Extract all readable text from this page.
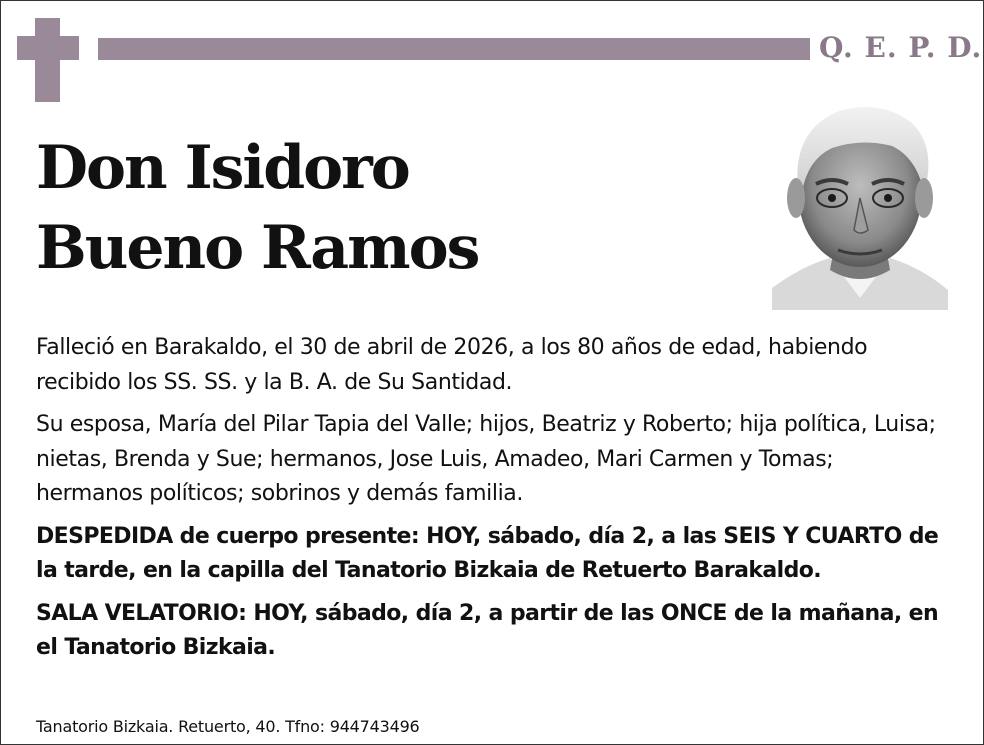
Q. E. P. D.
Don Isidoro
Bueno Ramos

Falleció en Barakaldo, el 30 de abril de 2026, a los 80 años de edad, habiendo recibido los SS. SS. y la B. A. de Su Santidad.

Su esposa, María del Pilar Tapia del Valle; hijos, Beatriz y Roberto; hija política, Luisa; nietas, Brenda y Sue; hermanos, Jose Luis, Amadeo, Mari Carmen y Tomas; hermanos políticos; sobrinos y demás familia.

DESPEDIDA de cuerpo presente: HOY, sábado, día 2, a las SEIS Y CUARTO de la tarde, en la capilla del Tanatorio Bizkaia de Retuerto Barakaldo.

SALA VELATORIO: HOY, sábado, día 2, a partir de las ONCE de la mañana, en el Tanatorio Bizkaia.

Tanatorio Bizkaia. Retuerto, 40. Tfno: 944743496
